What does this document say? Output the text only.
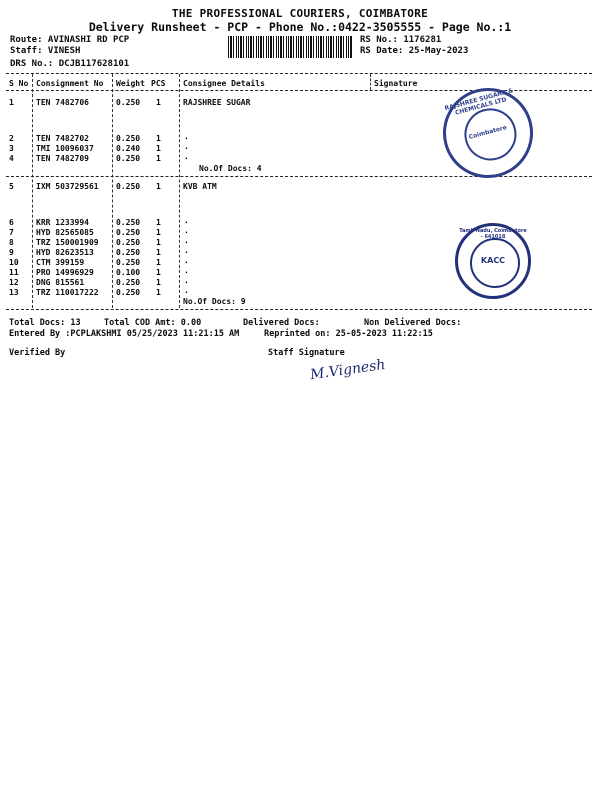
THE PROFESSIONAL COURIERS, COIMBATORE
Delivery Runsheet - PCP - Phone No.:0422-3505555 - Page No.:1
Route: AVINASHI RD PCP
Staff: VINESH
DRS No.: DCJB117628101
RS No.: 1176281
RS Date: 25-May-2023
S No Consignment No Weight PCS Consignee Details	Signature
RAJSHREE SUGAR
1	TEN 7482706	0.250 1
2	TEN 7482702	0.250 1	.
3	TMI 10096037	0.240 1	.
4	TEN 7482709	0.250 1	.
No.Of Docs: 4
KVB ATM
5	IXM 503729561 0.250 1
6	KRR 1233994	0.250 1	.
7	HYD 82565085	0.250 1	.
8	TRZ 150001909 0.250 1	.
9	HYD 82623513	0.250 1	.
10 CTM 399159	0.250 1	.
11 PRO 14996929	0.100 1	.
12 DNG 815561	0.250 1	.
13 TRZ 110017222 0.250 1	.
No.Of Docs: 9
RAJSHREE SUGARS & CHEMICALS LTD
Coimbatore
Tamil Nadu, Coimbatore - 641018
KACC
Total Docs: 13	Total COD Amt: 0.00	Delivered Docs:	Non Delivered Docs:
Entered By :PCPLAKSHMI 05/25/2023 11:21:15 AM	Reprinted on: 25-05-2023 11:22:15
Verified By	Staff Signature
M.Vignesh
